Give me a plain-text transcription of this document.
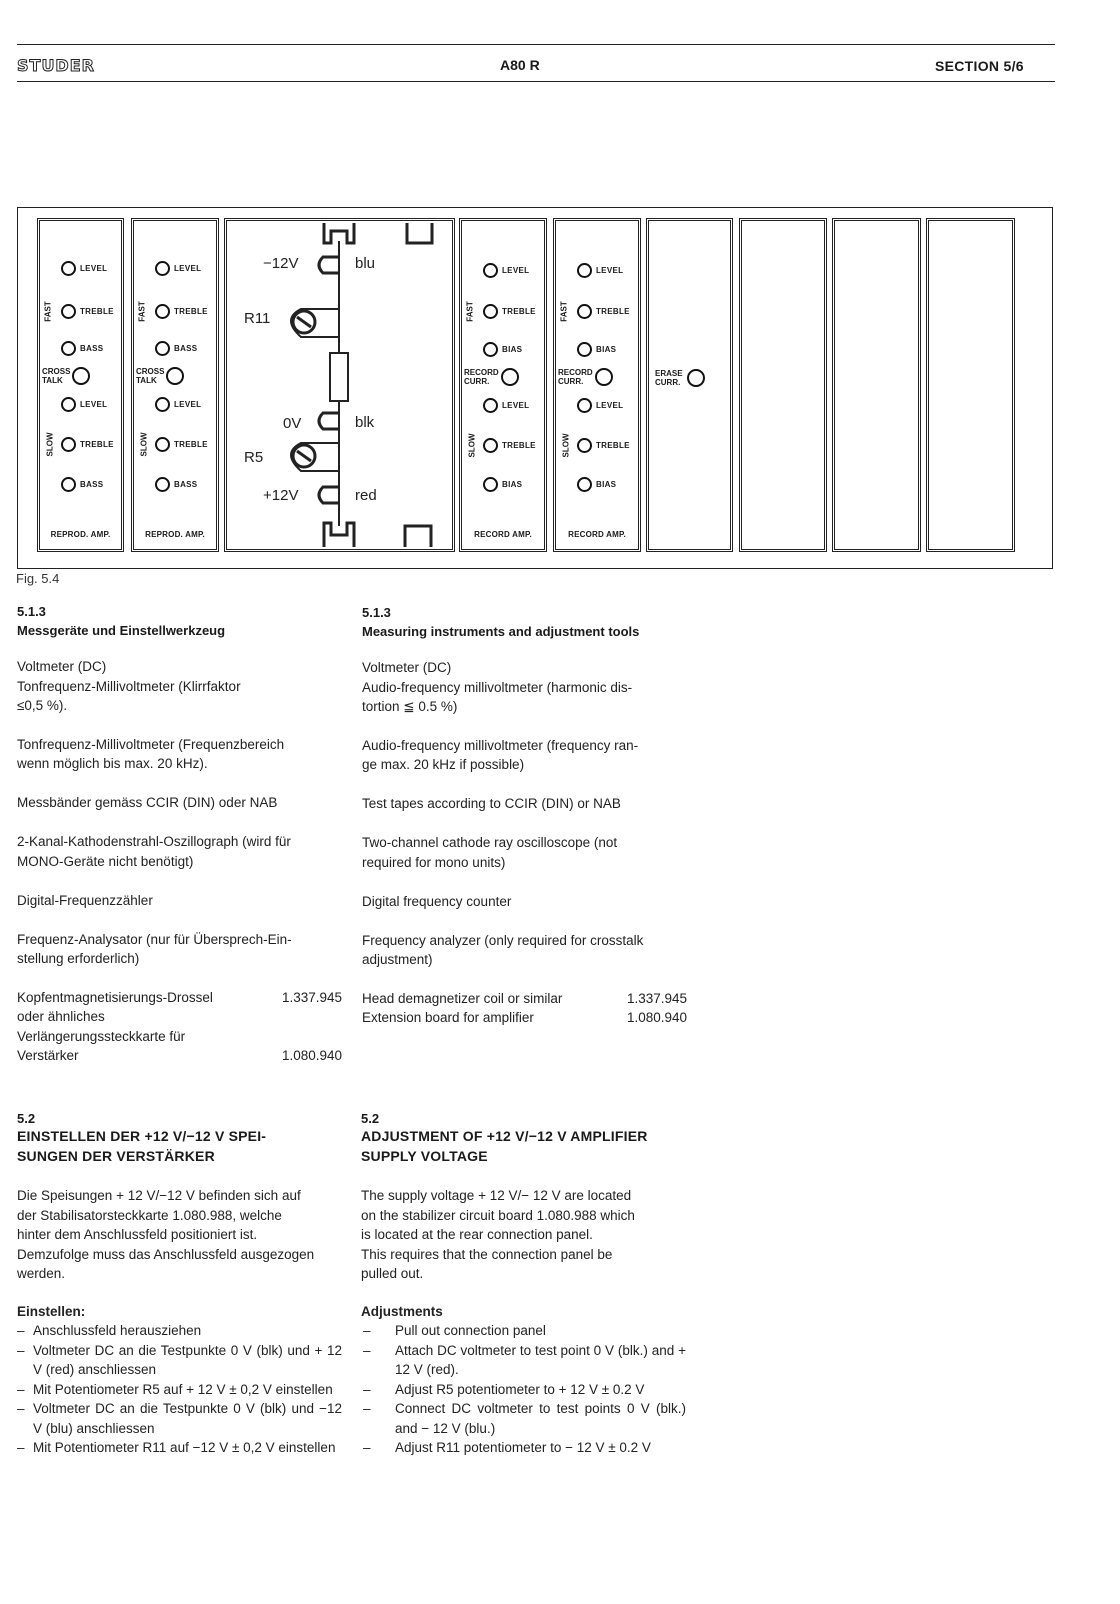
STUDER	A80 R	SECTION 5/6
LEVEL
FAST	TREBLE
BASS
CROSS
TALK
LEVEL
SLOW	TREBLE
BASS
REPROD. AMP.
LEVEL
FAST	TREBLE
BASS
CROSS
TALK
LEVEL
SLOW	TREBLE
BASS
REPROD. AMP.
−12V	blu
R11
0V	blk
R5
+12V	red
LEVEL
FAST	TREBLE
BIAS
RECORD
CURR.
LEVEL
SLOW	TREBLE
BIAS
RECORD AMP.
LEVEL
FAST	TREBLE
BIAS
RECORD
CURR.
LEVEL
SLOW	TREBLE
BIAS
RECORD AMP.
ERASE
CURR.
Fig. 5.4
5.1.3
Messgeräte und Einstellwerkzeug

Voltmeter (DC)

Tonfrequenz-Millivoltmeter (Klirrfaktor

≤0,5 %).

Tonfrequenz-Millivoltmeter (Frequenzbereich

wenn möglich bis max. 20 kHz).

Messbänder gemäss CCIR (DIN) oder NAB

2-Kanal-Kathodenstrahl-Oszillograph (wird für

MONO-Geräte nicht benötigt)

Digital-Frequenzzähler

Frequenz-Analysator (nur für Übersprech-Ein-

stellung erforderlich)

Kopfentmagnetisierungs-Drossel	1.337.945

oder ähnliches

Verlängerungssteckkarte für

Verstärker	1.080.940
5.1.3
Measuring instruments and adjustment tools

Voltmeter (DC)

Audio-frequency millivoltmeter (harmonic dis-

tortion ≦ 0.5 %)

Audio-frequency millivoltmeter (frequency ran-

ge max. 20 kHz if possible)

Test tapes according to CCIR (DIN) or NAB

Two-channel cathode ray oscilloscope (not

required for mono units)

Digital frequency counter

Frequency analyzer (only required for crosstalk

adjustment)

Head demagnetizer coil or similar	1.337.945
Extension board for amplifier	1.080.940
5.2
EINSTELLEN DER +12 V/−12 V SPEI-
SUNGEN DER VERSTÄRKER

Die Speisungen + 12 V/−12 V befinden sich auf

der Stabilisatorsteckkarte 1.080.988, welche

hinter dem Anschlussfeld positioniert ist.

Demzufolge muss das Anschlussfeld ausgezogen

werden.

Einstellen:
– Anschlussfeld herausziehen
– Voltmeter DC an die Testpunkte 0 V (blk) und + 12 V (red) anschliessen
– Mit Potentiometer R5 auf + 12 V ± 0,2 V einstellen
– Voltmeter DC an die Testpunkte 0 V (blk) und −12 V (blu) anschliessen
– Mit Potentiometer R11 auf −12 V ± 0,2 V einstellen
5.2
ADJUSTMENT OF +12 V/−12 V AMPLIFIER
SUPPLY VOLTAGE

The supply voltage + 12 V/− 12 V are located

on the stabilizer circuit board 1.080.988 which

is located at the rear connection panel.

This requires that the connection panel be

pulled out.

Adjustments
– Pull out connection panel
– Attach DC voltmeter to test point 0 V (blk.) and + 12 V (red).
– Adjust R5 potentiometer to + 12 V ± 0.2 V
– Connect DC voltmeter to test points 0 V (blk.) and − 12 V (blu.)
– Adjust R11 potentiometer to − 12 V ± 0.2 V
